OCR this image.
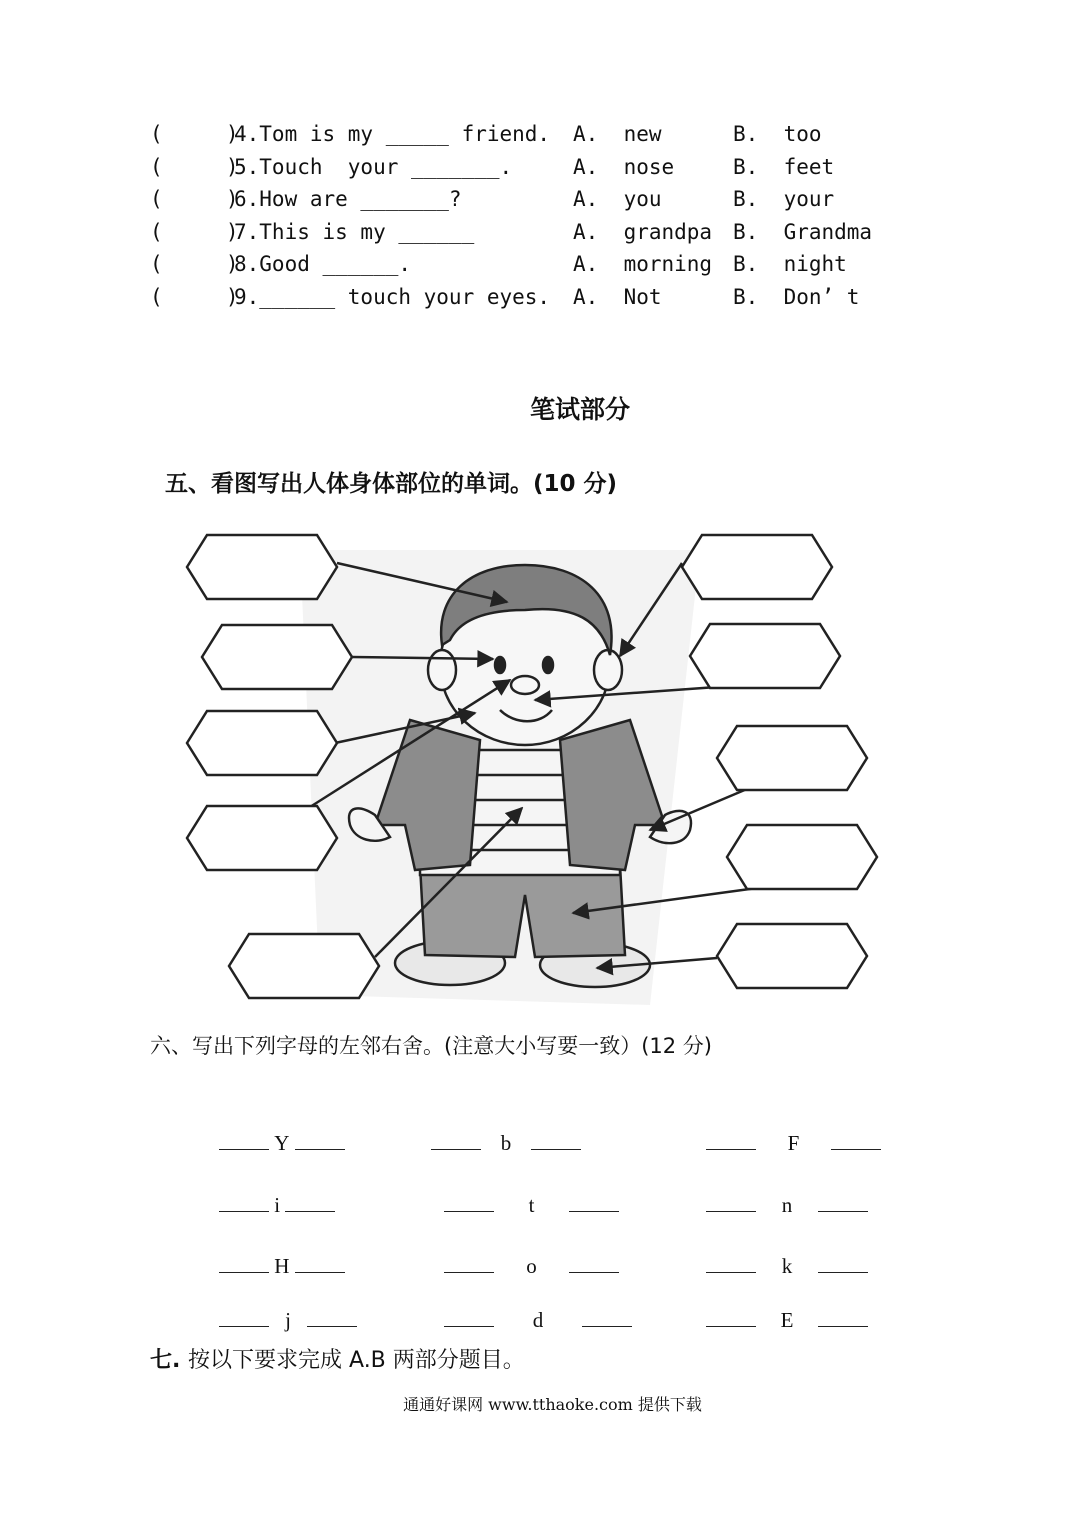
(     )

4.Tom is my _____ friend.

A.  new

	B.  too

(     )

5.Touch  your _______.

	A.  nose

	B.  feet

(     )

6.How are _______?

	A.  you

	B.  your

(     )

7.This is my ______

	A.  grandpa

B.  Grandma

(     )

8.Good ______.

	A.  morning

B.  night

(     )

9.______ touch your eyes.

A.  Not

	B.  Don’ t

笔试部分
五、看图写出人体身体部位的单词。(10 分)
六、写出下列字母的左邻右舍。(注意大小写要一致）(12 分)

Y
	b
	F

i
	t
	n

H
	o
	k

j
	d
	E

七. 按以下要求完成 A.B 两部分题目。
通通好课网 www.tthaoke.com 提供下载
